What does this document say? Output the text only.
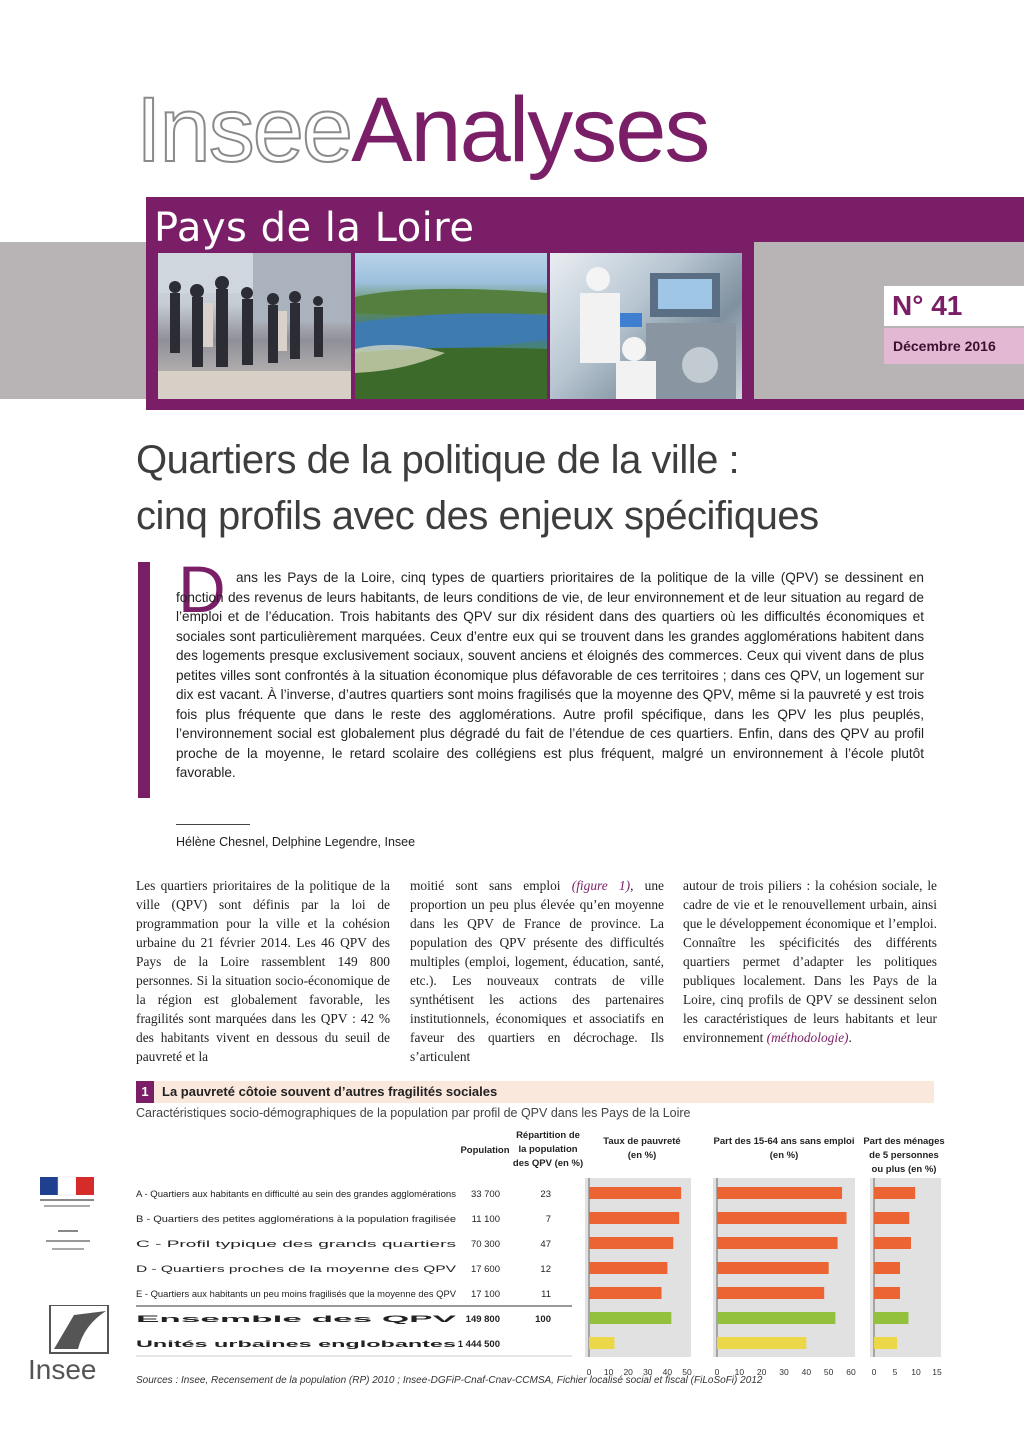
InseeAnalyses
Pays de la Loire
N° 41
Décembre 2016
Quartiers de la politique de la ville :
cinq profils avec des enjeux spécifiques
D ans les Pays de la Loire, cinq types de quartiers prioritaires de la politique de la ville (QPV) se dessinent en fonction des revenus de leurs habitants, de leurs conditions de vie, de leur environnement et de leur situation au regard de l’emploi et de l’éducation. Trois habitants des QPV sur dix résident dans des quartiers où les difficultés économiques et sociales sont particulièrement marquées. Ceux d’entre eux qui se trouvent dans les grandes agglomérations habitent dans des logements presque exclusivement sociaux, souvent anciens et éloignés des commerces. Ceux qui vivent dans de plus petites villes sont confrontés à la situation économique plus défavorable de ces territoires ; dans ces QPV, un logement sur dix est vacant. À l’inverse, d’autres quartiers sont moins fragilisés que la moyenne des QPV, même si la pauvreté y est trois fois plus fréquente que dans le reste des agglomérations. Autre profil spécifique, dans les QPV les plus peuplés, l’environnement social est globalement plus dégradé du fait de l’étendue de ces quartiers. Enfin, dans des QPV au profil proche de la moyenne, le retard scolaire des collégiens est plus fréquent, malgré un environnement à l’école plutôt favorable.

Hélène Chesnel, Delphine Legendre, Insee

Les quartiers prioritaires de la politique de la ville (QPV) sont définis par la loi de programmation pour la ville et la cohésion urbaine du 21 février 2014. Les 46 QPV des Pays de la Loire rassemblent 149 800 personnes. Si la situation socio-économique de la région est globalement favorable, les fragilités sont marquées dans les QPV : 42 % des habitants vivent en dessous du seuil de pauvreté et la

moitié sont sans emploi (figure 1), une proportion un peu plus élevée qu’en moyenne dans les QPV de France de province. La population des QPV présente des difficultés multiples (emploi, logement, éducation, santé, etc.). Les nouveaux contrats de ville synthétisent les actions des partenaires institutionnels, économiques et associatifs en faveur des quartiers en décrochage. Ils s’articulent

autour de trois piliers : la cohésion sociale, le cadre de vie et le renouvellement urbain, ainsi que le développement économique et l’emploi. Connaître les spécificités des différents quartiers permet d’adapter les politiques publiques localement. Dans les Pays de la Loire, cinq profils de QPV se dessinent selon les caractéristiques de leurs habitants et leur environnement (méthodologie).

1	La pauvreté côtoie souvent d’autres fragilités sociales
Caractéristiques socio-démographiques de la population par profil de QPV dans les Pays de la Loire
Population
Répartition de
la population
des QPV (en %)
Taux de pauvreté
(en %)
Part des 15-64 ans sans emploi
(en %)
Part des ménages
de 5 personnes
ou plus (en %)
0 10 20 30 40 50	0 10 20 30 40 50 60 0 5 10 15
A - Quartiers aux habitants en difficulté au sein des grandes agglomérations 33 700	23
B - Quartiers des petites agglomérations à la population fragilisée 11 100	7
C - Profil typique des grands quartiers 70 300	47
D - Quartiers proches de la moyenne des QPV 17 600	12
E - Quartiers aux habitants un peu moins fragilisés que la moyenne des QPV 17 100	11
Ensemble des QPV 149 800	100
Unités urbaines englobantes 1 444 500
Sources : Insee, Recensement de la population (RP) 2010 ; Insee-DGFiP-Cnaf-Cnav-CCMSA, Fichier localisé social et fiscal (FiLoSoFi) 2012
Insee
